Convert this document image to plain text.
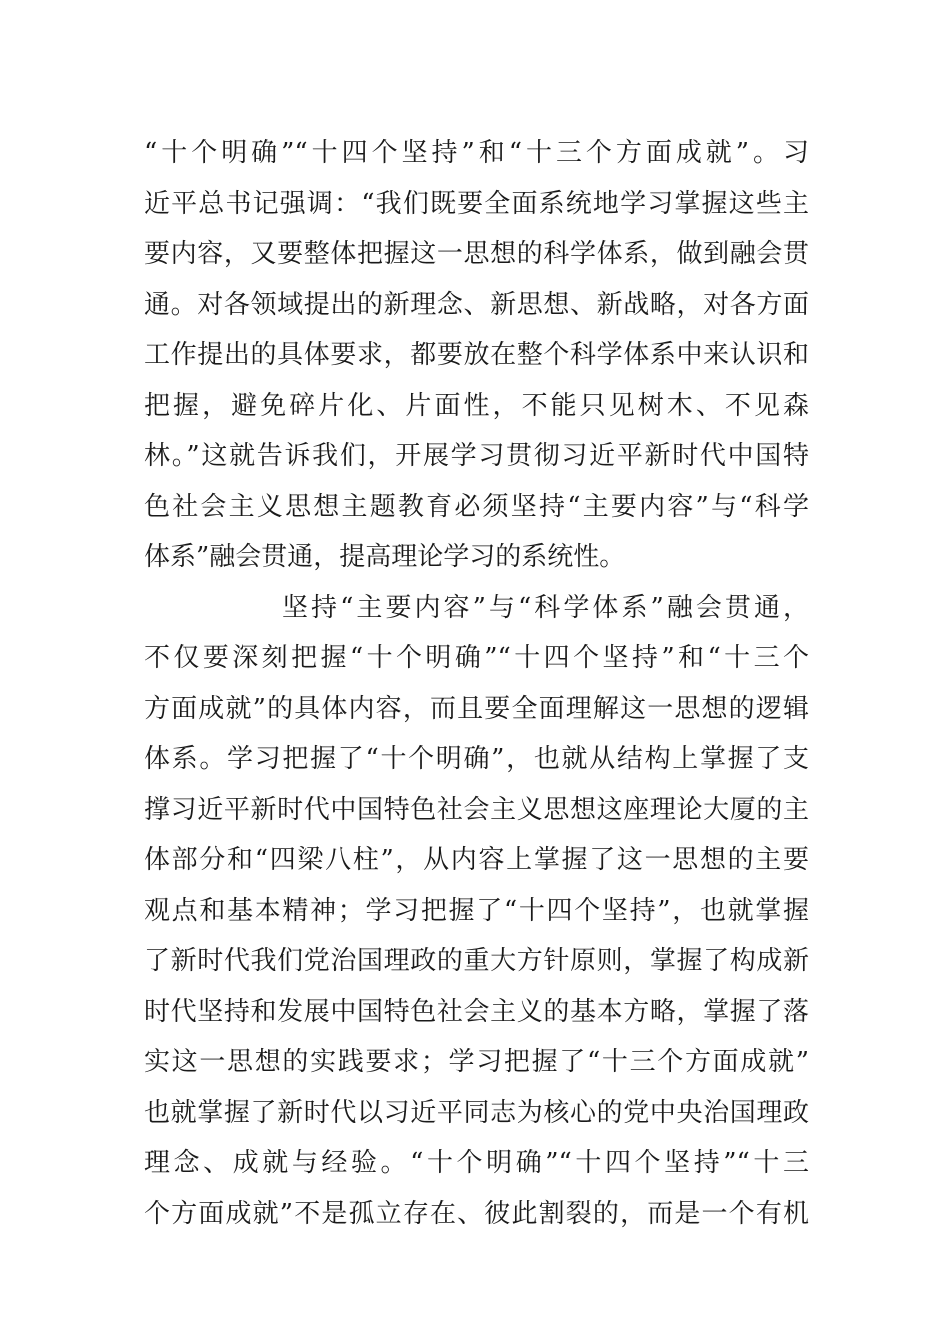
“十个明确”“十四个坚持”和“十三个方面成就”。习
近平总书记强调：“我们既要全面系统地学习掌握这些主
要内容，又要整体把握这一思想的科学体系，做到融会贯
通。对各领域提出的新理念、新思想、新战略，对各方面
工作提出的具体要求，都要放在整个科学体系中来认识和
把握，避免碎片化、片面性，不能只见树木、不见森
林。”这就告诉我们，开展学习贯彻习近平新时代中国特
色社会主义思想主题教育必须坚持“主要内容”与“科学
体系”融会贯通，提高理论学习的系统性。
坚持“主要内容”与“科学体系”融会贯通，
不仅要深刻把握“十个明确”“十四个坚持”和“十三个
方面成就”的具体内容，而且要全面理解这一思想的逻辑
体系。学习把握了“十个明确”，也就从结构上掌握了支
撑习近平新时代中国特色社会主义思想这座理论大厦的主
体部分和“四梁八柱”，从内容上掌握了这一思想的主要
观点和基本精神；学习把握了“十四个坚持”，也就掌握
了新时代我们党治国理政的重大方针原则，掌握了构成新
时代坚持和发展中国特色社会主义的基本方略，掌握了落
实这一思想的实践要求；学习把握了“十三个方面成就”
也就掌握了新时代以习近平同志为核心的党中央治国理政
理念、成就与经验。“十个明确”“十四个坚持”“十三
个方面成就”不是孤立存在、彼此割裂的，而是一个有机
